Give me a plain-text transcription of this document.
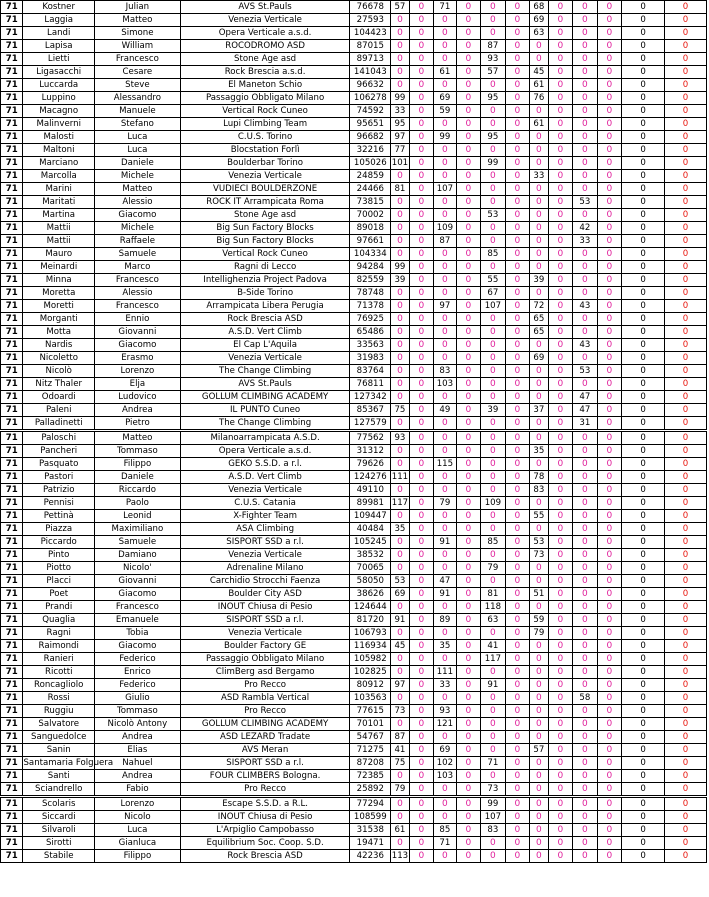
71	Kostner	Julian	AVS St.Pauls	76678	57	0	71	0	0	0	68	0	0	0	0	0
71	Laggia	Matteo	Venezia Verticale	27593	0	0	0	0	0	0	69	0	0	0	0	0
71	Landi	Simone	Opera Verticale a.s.d.	104423	0	0	0	0	0	0	63	0	0	0	0	0
71	Lapisa	William	ROCODROMO ASD	87015	0	0	0	0	87	0	0	0	0	0	0	0
71	Lietti	Francesco	Stone Age asd	89713	0	0	0	0	93	0	0	0	0	0	0	0
71	Ligasacchi	Cesare	Rock Brescia a.s.d.	141043	0	0	61	0	57	0	45	0	0	0	0	0
71	Luccarda	Steve	El Maneton Schio	96632	0	0	0	0	0	0	61	0	0	0	0	0
71	Luppino	Alessandro	Passaggio Obbligato Milano	106278	99	0	69	0	95	0	76	0	0	0	0	0
71	Macagno	Manuele	Vertical Rock Cuneo	74592	33	0	59	0	0	0	0	0	0	0	0	0
71	Malinverni	Stefano	Lupi Climbing Team	95651	95	0	0	0	0	0	61	0	0	0	0	0
71	Malosti	Luca	C.U.S. Torino	96682	97	0	99	0	95	0	0	0	0	0	0	0
71	Maltoni	Luca	Blocstation Forlì	32216	77	0	0	0	0	0	0	0	0	0	0	0
71	Marciano	Daniele	Boulderbar Torino	105026	101	0	0	0	99	0	0	0	0	0	0	0
71	Marcolla	Michele	Venezia Verticale	24859	0	0	0	0	0	0	33	0	0	0	0	0
71	Marini	Matteo	VUDIECI BOULDERZONE	24466	81	0	107	0	0	0	0	0	0	0	0	0
71	Maritati	Alessio	ROCK IT Arrampicata Roma	73815	0	0	0	0	0	0	0	0	53	0	0	0
71	Martina	Giacomo	Stone Age asd	70002	0	0	0	0	53	0	0	0	0	0	0	0
71	Mattii	Michele	Big Sun Factory Blocks	89018	0	0	109	0	0	0	0	0	42	0	0	0
71	Mattii	Raffaele	Big Sun Factory Blocks	97661	0	0	87	0	0	0	0	0	33	0	0	0
71	Mauro	Samuele	Vertical Rock Cuneo	104334	0	0	0	0	85	0	0	0	0	0	0	0
71	Meinardi	Marco	Ragni di Lecco	94284	99	0	0	0	0	0	0	0	0	0	0	0
71	Minna	Francesco	Intellighenzia Project Padova	82559	39	0	0	0	55	0	39	0	0	0	0	0
71	Moretta	Alessio	B-Side Torino	78748	0	0	0	0	67	0	0	0	0	0	0	0
71	Moretti	Francesco	Arrampicata Libera Perugia	71378	0	0	97	0	107	0	72	0	43	0	0	0
71	Morganti	Ennio	Rock Brescia ASD	76925	0	0	0	0	0	0	65	0	0	0	0	0
71	Motta	Giovanni	A.S.D. Vert Climb	65486	0	0	0	0	0	0	65	0	0	0	0	0
71	Nardis	Giacomo	El Cap L'Aquila	33563	0	0	0	0	0	0	0	0	43	0	0	0
71	Nicoletto	Erasmo	Venezia Verticale	31983	0	0	0	0	0	0	69	0	0	0	0	0
71	Nicolò	Lorenzo	The Change Climbing	83764	0	0	83	0	0	0	0	0	53	0	0	0
71	Nitz Thaler	Elja	AVS St.Pauls	76811	0	0	103	0	0	0	0	0	0	0	0	0
71	Odoardi	Ludovico	GOLLUM CLIMBING ACADEMY	127342	0	0	0	0	0	0	0	0	47	0	0	0
71	Paleni	Andrea	IL PUNTO Cuneo	85367	75	0	49	0	39	0	37	0	47	0	0	0
71	Palladinetti	Pietro	The Change Climbing	127579	0	0	0	0	0	0	0	0	31	0	0	0
71	Paloschi	Matteo	Milanoarrampicata A.S.D.	77562	93	0	0	0	0	0	0	0	0	0	0	0
71	Pancheri	Tommaso	Opera Verticale a.s.d.	31312	0	0	0	0	0	0	35	0	0	0	0	0
71	Pasquato	Filippo	GEKO S.S.D. a r.l.	79626	0	0	115	0	0	0	0	0	0	0	0	0
71	Pastori	Daniele	A.S.D. Vert Climb	124276	111	0	0	0	0	0	78	0	0	0	0	0
71	Patrizio	Riccardo	Venezia Verticale	49110	0	0	0	0	0	0	83	0	0	0	0	0
71	Pennisi	Paolo	C.U.S. Catania	89981	117	0	79	0	109	0	0	0	0	0	0	0
71	Pettinà	Leonid	X-Fighter Team	109447	0	0	0	0	0	0	55	0	0	0	0	0
71	Piazza	Maximiliano	ASA Climbing	40484	35	0	0	0	0	0	0	0	0	0	0	0
71	Piccardo	Samuele	SISPORT SSD a r.l.	105245	0	0	91	0	85	0	53	0	0	0	0	0
71	Pinto	Damiano	Venezia Verticale	38532	0	0	0	0	0	0	73	0	0	0	0	0
71	Piotto	Nicolo'	Adrenaline Milano	70065	0	0	0	0	79	0	0	0	0	0	0	0
71	Placci	Giovanni	Carchidio Strocchi Faenza	58050	53	0	47	0	0	0	0	0	0	0	0	0
71	Poet	Giacomo	Boulder City ASD	38626	69	0	91	0	81	0	51	0	0	0	0	0
71	Prandi	Francesco	INOUT Chiusa di Pesio	124644	0	0	0	0	118	0	0	0	0	0	0	0
71	Quaglia	Emanuele	SISPORT SSD a r.l.	81720	91	0	89	0	63	0	59	0	0	0	0	0
71	Ragni	Tobia	Venezia Verticale	106793	0	0	0	0	0	0	79	0	0	0	0	0
71	Raimondi	Giacomo	Boulder Factory GE	116934	45	0	35	0	41	0	0	0	0	0	0	0
71	Ranieri	Federico	Passaggio Obbligato Milano	105982	0	0	0	0	117	0	0	0	0	0	0	0
71	Ricotti	Enrico	ClimBerg asd Bergamo	102825	0	0	111	0	0	0	0	0	0	0	0	0
71	Roncagliolo	Federico	Pro Recco	80912	97	0	33	0	91	0	0	0	0	0	0	0
71	Rossi	Giulio	ASD Rambla Vertical	103563	0	0	0	0	0	0	0	0	58	0	0	0
71	Ruggiu	Tommaso	Pro Recco	77615	73	0	93	0	0	0	0	0	0	0	0	0
71	Salvatore	Nicolò Antony	GOLLUM CLIMBING ACADEMY	70101	0	0	121	0	0	0	0	0	0	0	0	0
71	Sanguedolce	Andrea	ASD LEZARD Tradate	54767	87	0	0	0	0	0	0	0	0	0	0	0
71	Sanin	Elias	AVS Meran	71275	41	0	69	0	0	0	57	0	0	0	0	0
71	Santamaria Folguera	Nahuel	SISPORT SSD a r.l.	87208	75	0	102	0	71	0	0	0	0	0	0	0
71	Santi	Andrea	FOUR CLIMBERS Bologna.	72385	0	0	103	0	0	0	0	0	0	0	0	0
71	Sciandrello	Fabio	Pro Recco	25892	79	0	0	0	73	0	0	0	0	0	0	0
71	Scolaris	Lorenzo	Escape S.S.D. a R.L.	77294	0	0	0	0	99	0	0	0	0	0	0	0
71	Siccardi	Nicolo	INOUT Chiusa di Pesio	108599	0	0	0	0	107	0	0	0	0	0	0	0
71	Silvaroli	Luca	L'Arpiglio Campobasso	31538	61	0	85	0	83	0	0	0	0	0	0	0
71	Sirotti	Gianluca	Equilibrium Soc. Coop. S.D.	19471	0	0	71	0	0	0	0	0	0	0	0	0
71	Stabile	Filippo	Rock Brescia ASD	42236	113	0	0	0	0	0	0	0	0	0	0	0
